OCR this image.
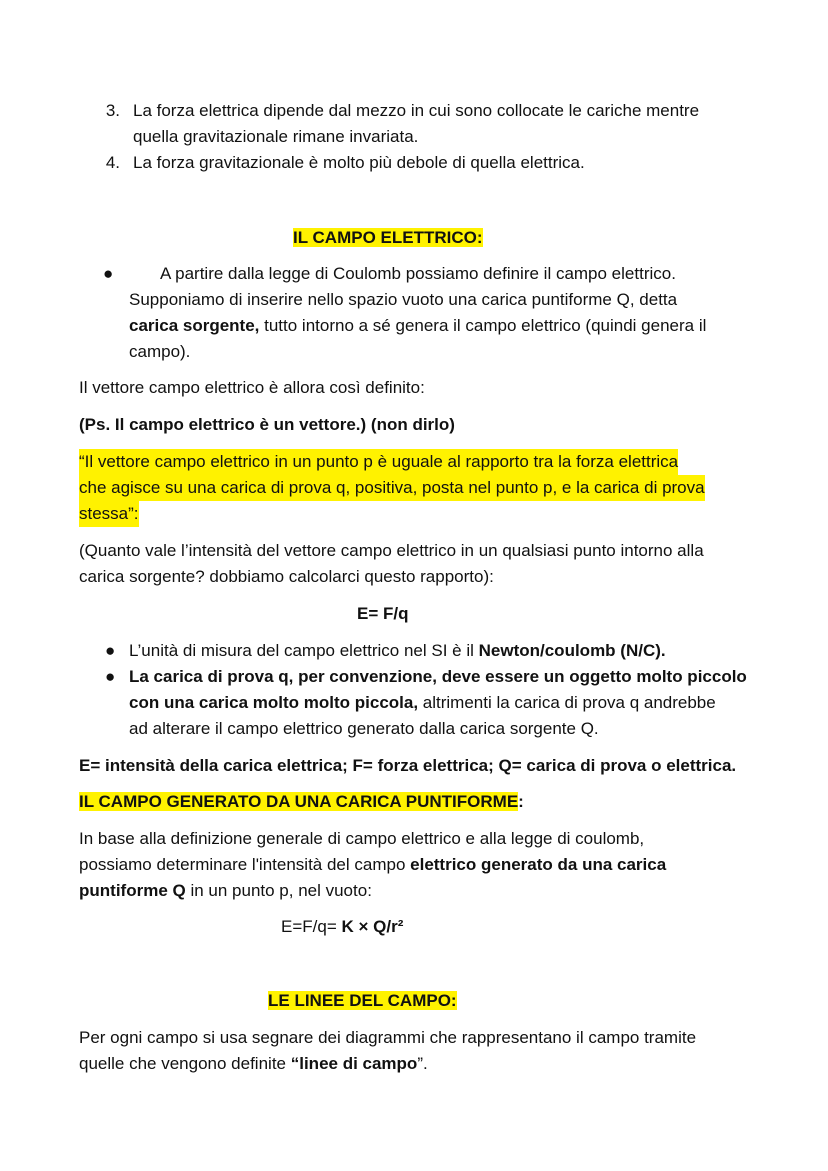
3. La forza elettrica dipende dal mezzo in cui sono collocate le cariche mentre
quella gravitazionale rimane invariata.
4. La forza gravitazionale è molto più debole di quella elettrica.
IL CAMPO ELETTRICO:
●	A partire dalla legge di Coulomb possiamo definire il campo elettrico.
Supponiamo di inserire nello spazio vuoto una carica puntiforme Q, detta
carica sorgente, tutto intorno a sé genera il campo elettrico (quindi genera il
campo).
Il vettore campo elettrico è allora così definito:
(Ps. Il campo elettrico è un vettore.) (non dirlo)
“Il vettore campo elettrico in un punto p è uguale al rapporto tra la forza elettrica
che agisce su una carica di prova q, positiva, posta nel punto p, e la carica di prova
stessa”:
(Quanto vale l’intensità del vettore campo elettrico in un qualsiasi punto intorno alla
carica sorgente? dobbiamo calcolarci questo rapporto):
E= F/q
● L’unità di misura del campo elettrico nel SI è il Newton/coulomb (N/C).
● La carica di prova q, per convenzione, deve essere un oggetto molto piccolo
con una carica molto molto piccola, altrimenti la carica di prova q andrebbe
ad alterare il campo elettrico generato dalla carica sorgente Q.
E= intensità della carica elettrica; F= forza elettrica; Q= carica di prova o elettrica.
IL CAMPO GENERATO DA UNA CARICA PUNTIFORME:
In base alla definizione generale di campo elettrico e alla legge di coulomb,
possiamo determinare l'intensità del campo elettrico generato da una carica
puntiforme Q in un punto p, nel vuoto:
E=F/q= K × Q/r²
LE LINEE DEL CAMPO:
Per ogni campo si usa segnare dei diagrammi che rappresentano il campo tramite
quelle che vengono definite “linee di campo”.
